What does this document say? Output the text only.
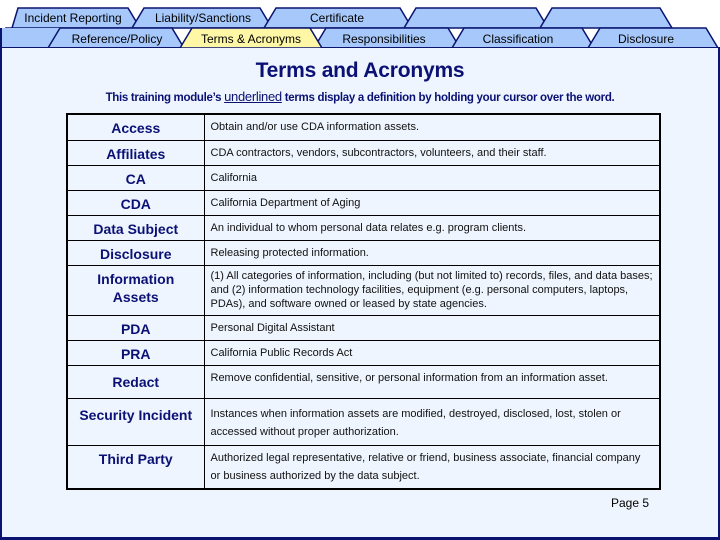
Incident Reporting	Liability/Sanctions	Certificate
Reference/Policy	Terms & Acronyms	Responsibilities	Classification	Disclosure
Terms and Acronyms
This training module’s underlined terms display a definition by holding your cursor over the word.
Access	Obtain and/or use CDA information assets.
Affiliates	CDA contractors, vendors, subcontractors, volunteers, and their staff.
CA	California
CDA	California Department of Aging
Data Subject	An individual to whom personal data relates e.g. program clients.
Disclosure	Releasing protected information.
Information Assets	(1) All categories of information, including (but not limited to) records, files, and data bases; and (2) information technology facilities, equipment (e.g. personal computers, laptops, PDAs), and software owned or leased by state agencies.
PDA	Personal Digital Assistant
PRA	California Public Records Act
Redact	Remove confidential, sensitive, or personal information from an information asset.
Security Incident	Instances when information assets are modified, destroyed, disclosed, lost, stolen or accessed without proper authorization.
Third Party	Authorized legal representative, relative or friend, business associate, financial company or business authorized by the data subject.
Page 5
